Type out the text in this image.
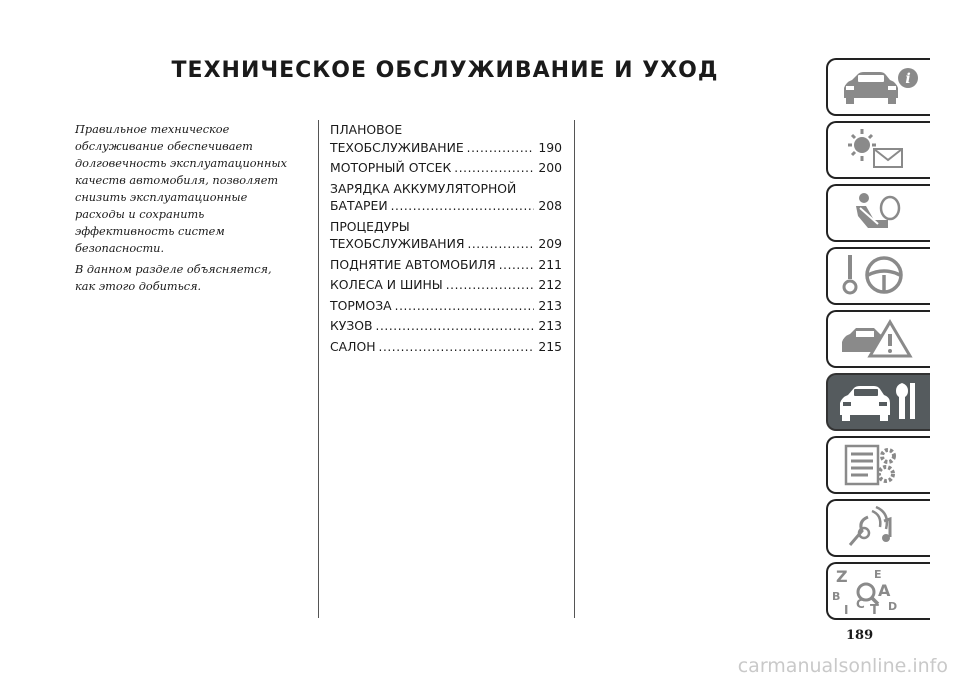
ТЕХНИЧЕСКОЕ ОБСЛУЖИВАНИЕ И УХОД

Правильное техническое обслуживание обеспечивает долговечность эксплуатационных качеств автомобиля, позволяет снизить эксплуатационные расходы и сохранить эффективность систем безопасности.

В данном разделе объясняется, как этого добиться.

ПЛАНОВОЕ
ТЕХОБСЛУЖИВАНИЕ . . .	190
МОТОРНЫЙ ОТСЕК . . .	200
ЗАРЯДКА АККУМУЛЯТОРНОЙ
БАТАРЕИ . . .	208
ПРОЦЕДУРЫ
ТЕХОБСЛУЖИВАНИЯ . . .	209
ПОДНЯТИЕ АВТОМОБИЛЯ . . .	211
КОЛЕСА И ШИНЫ . . .	212
ТОРМОЗА . . .	213
КУЗОВ . . .	213
САЛОН . . .	215
189
i
Z E
A
B
C D
I T
carmanualsonline.info
